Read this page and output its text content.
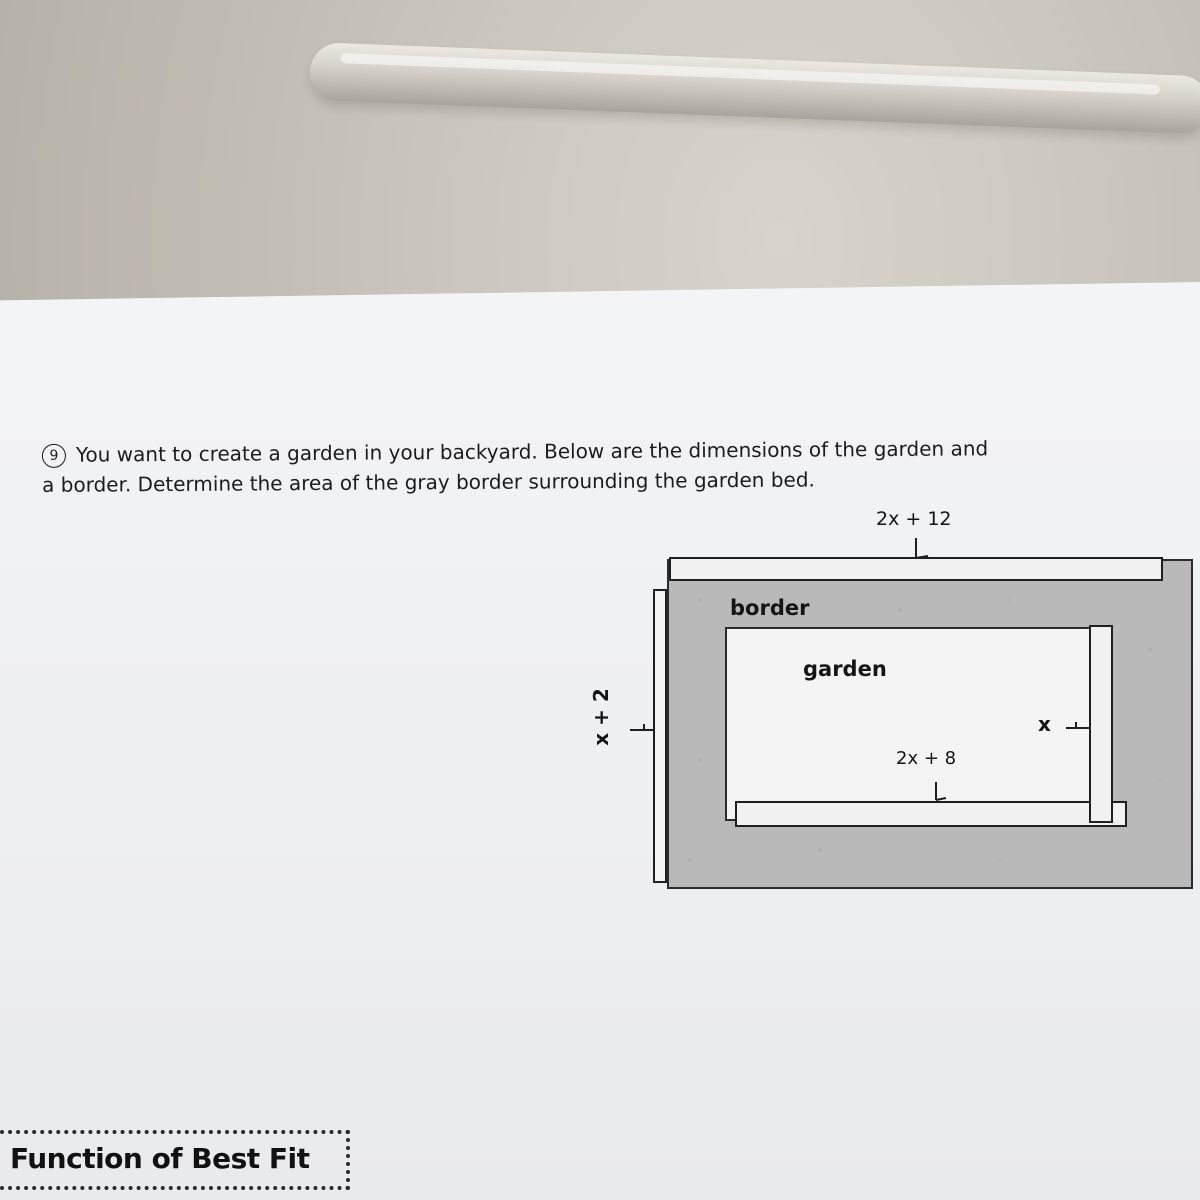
9 You want to create a garden in your backyard. Below are the dimensions of the garden and
a border. Determine the area of the gray border surrounding the garden bed.
2x + 12
border
garden
2x + 8
x
x + 2
Function of Best Fit
